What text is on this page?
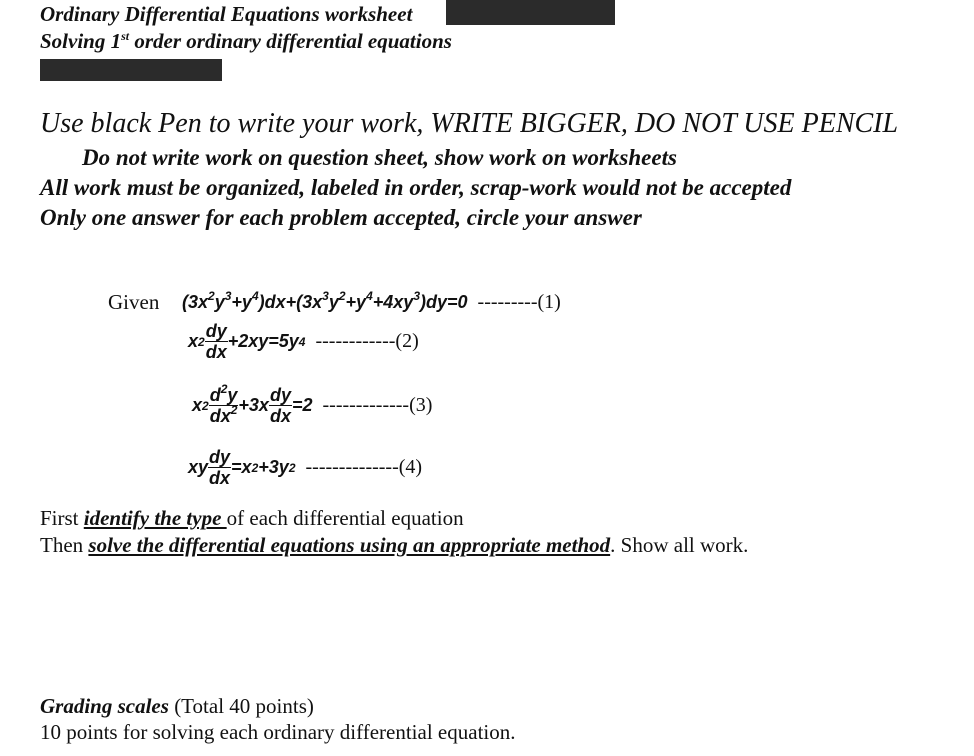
Ordinary Differential Equations worksheet
Solving 1st order ordinary differential equations
Use black Pen to write your work, WRITE BIGGER, DO NOT USE PENCIL
Do not write work on question sheet, show work on worksheets
All work must be organized, labeled in order, scrap-work would not be accepted
Only one answer for each problem accepted, circle your answer
Given $(3x^2y^3+y^4)dx+(3x^3y^2+y^4+4xy^3)dy=0$ ---------(1)
x $2 \frac{dy}{dx} +2xy=5y$ 4 ------------(2)
x $2 \frac{d^2y}{dx^2} +3x \frac{dy}{dx} =2$ -------------(3)
xy $\frac{dy}{dx} =x$ 2 +3y 2 --------------(4)
First identify the type of each differential equation
Then solve the differential equations using an appropriate method. Show all work.
Grading scales (Total 40 points)
10 points for solving each ordinary differential equation.
